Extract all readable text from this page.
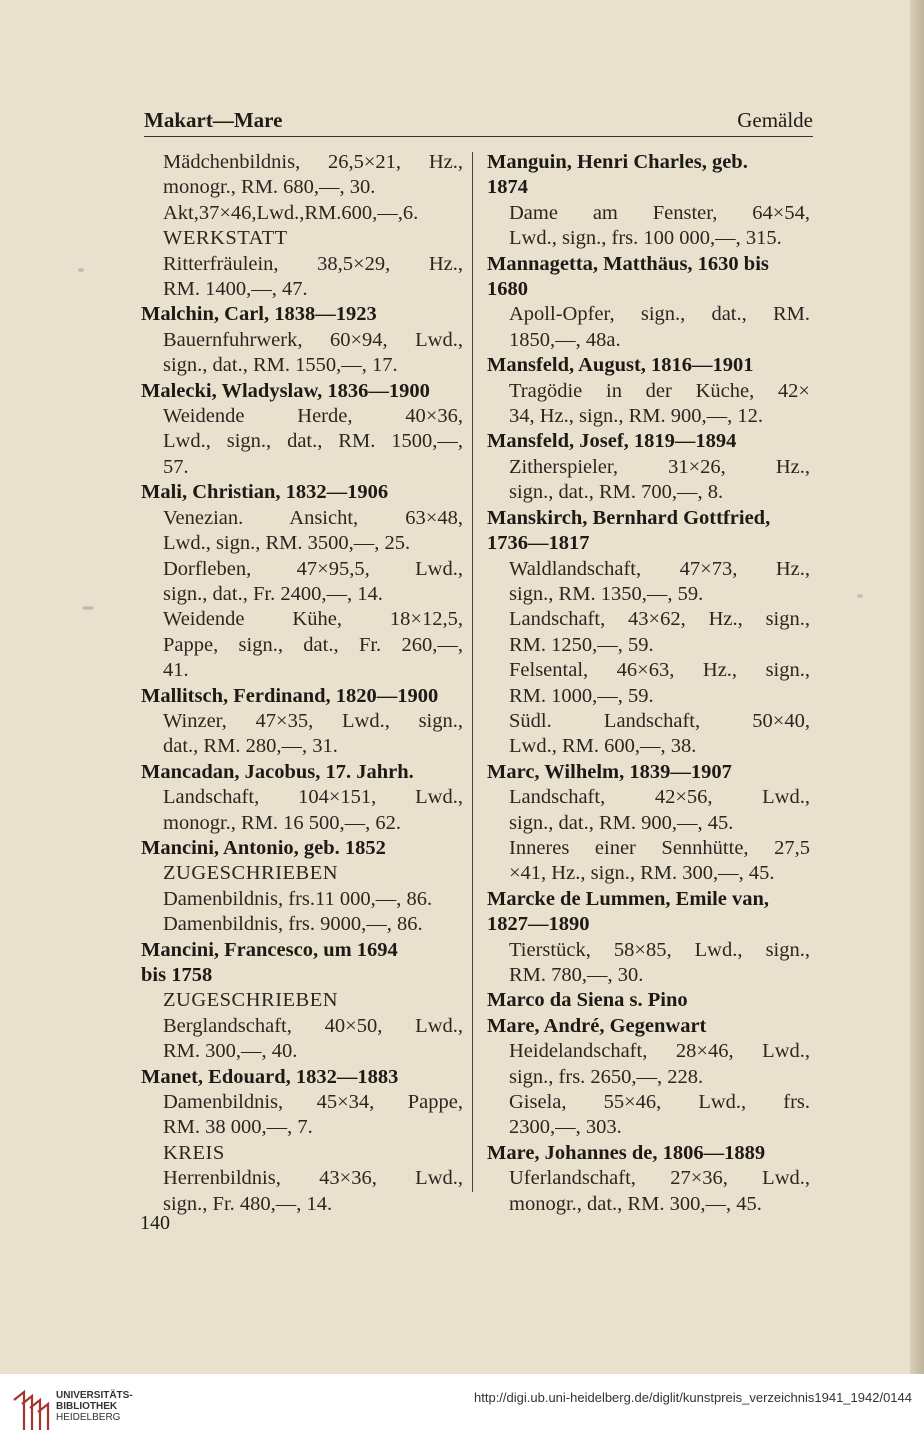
Makart—Mare	Gemälde
Mädchenbildnis, 26,5×21, Hz.,
monogr., RM. 680,—, 30.
Akt,37×46,Lwd.,RM.600,—,6.
WERKSTATT
Ritterfräulein, 38,5×29, Hz.,
RM. 1400,—, 47.
Malchin, Carl, 1838—1923
Bauernfuhrwerk, 60×94, Lwd.,
sign., dat., RM. 1550,—, 17.
Malecki, Wladyslaw, 1836—1900
Weidende Herde, 40×36,
Lwd., sign., dat., RM. 1500,—,
57.
Mali, Christian, 1832—1906
Venezian. Ansicht, 63×48,
Lwd., sign., RM. 3500,—, 25.
Dorfleben, 47×95,5, Lwd.,
sign., dat., Fr. 2400,—, 14.
Weidende Kühe, 18×12,5,
Pappe, sign., dat., Fr. 260,—,
41.
Mallitsch, Ferdinand, 1820—1900
Winzer, 47×35, Lwd., sign.,
dat., RM. 280,—, 31.
Mancadan, Jacobus, 17. Jahrh.
Landschaft, 104×151, Lwd.,
monogr., RM. 16 500,—, 62.
Mancini, Antonio, geb. 1852
ZUGESCHRIEBEN
Damenbildnis, frs.11 000,—, 86.
Damenbildnis, frs. 9000,—, 86.
Mancini, Francesco, um 1694
bis 1758
ZUGESCHRIEBEN
Berglandschaft, 40×50, Lwd.,
RM. 300,—, 40.
Manet, Edouard, 1832—1883
Damenbildnis, 45×34, Pappe,
RM. 38 000,—, 7.
KREIS
Herrenbildnis, 43×36, Lwd.,
sign., Fr. 480,—, 14.
Manguin, Henri Charles, geb.
1874
Dame am Fenster, 64×54,
Lwd., sign., frs. 100 000,—, 315.
Mannagetta, Matthäus, 1630 bis
1680
Apoll-Opfer, sign., dat., RM.
1850,—, 48a.
Mansfeld, August, 1816—1901
Tragödie in der Küche, 42×
34, Hz., sign., RM. 900,—, 12.
Mansfeld, Josef, 1819—1894
Zitherspieler, 31×26, Hz.,
sign., dat., RM. 700,—, 8.
Manskirch, Bernhard Gottfried,
1736—1817
Waldlandschaft, 47×73, Hz.,
sign., RM. 1350,—, 59.
Landschaft, 43×62, Hz., sign.,
RM. 1250,—, 59.
Felsental, 46×63, Hz., sign.,
RM. 1000,—, 59.
Südl. Landschaft, 50×40,
Lwd., RM. 600,—, 38.
Marc, Wilhelm, 1839—1907
Landschaft, 42×56, Lwd.,
sign., dat., RM. 900,—, 45.
Inneres einer Sennhütte, 27,5
×41, Hz., sign., RM. 300,—, 45.
Marcke de Lummen, Emile van,
1827—1890
Tierstück, 58×85, Lwd., sign.,
RM. 780,—, 30.
Marco da Siena s. Pino
Mare, André, Gegenwart
Heidelandschaft, 28×46, Lwd.,
sign., frs. 2650,—, 228.
Gisela, 55×46, Lwd., frs.
2300,—, 303.
Mare, Johannes de, 1806—1889
Uferlandschaft, 27×36, Lwd.,
monogr., dat., RM. 300,—, 45.
140
UNIVERSITÄTS-
BIBLIOTHEK
HEIDELBERG
http://digi.ub.uni-heidelberg.de/diglit/kunstpreis_verzeichnis1941_1942/0144
